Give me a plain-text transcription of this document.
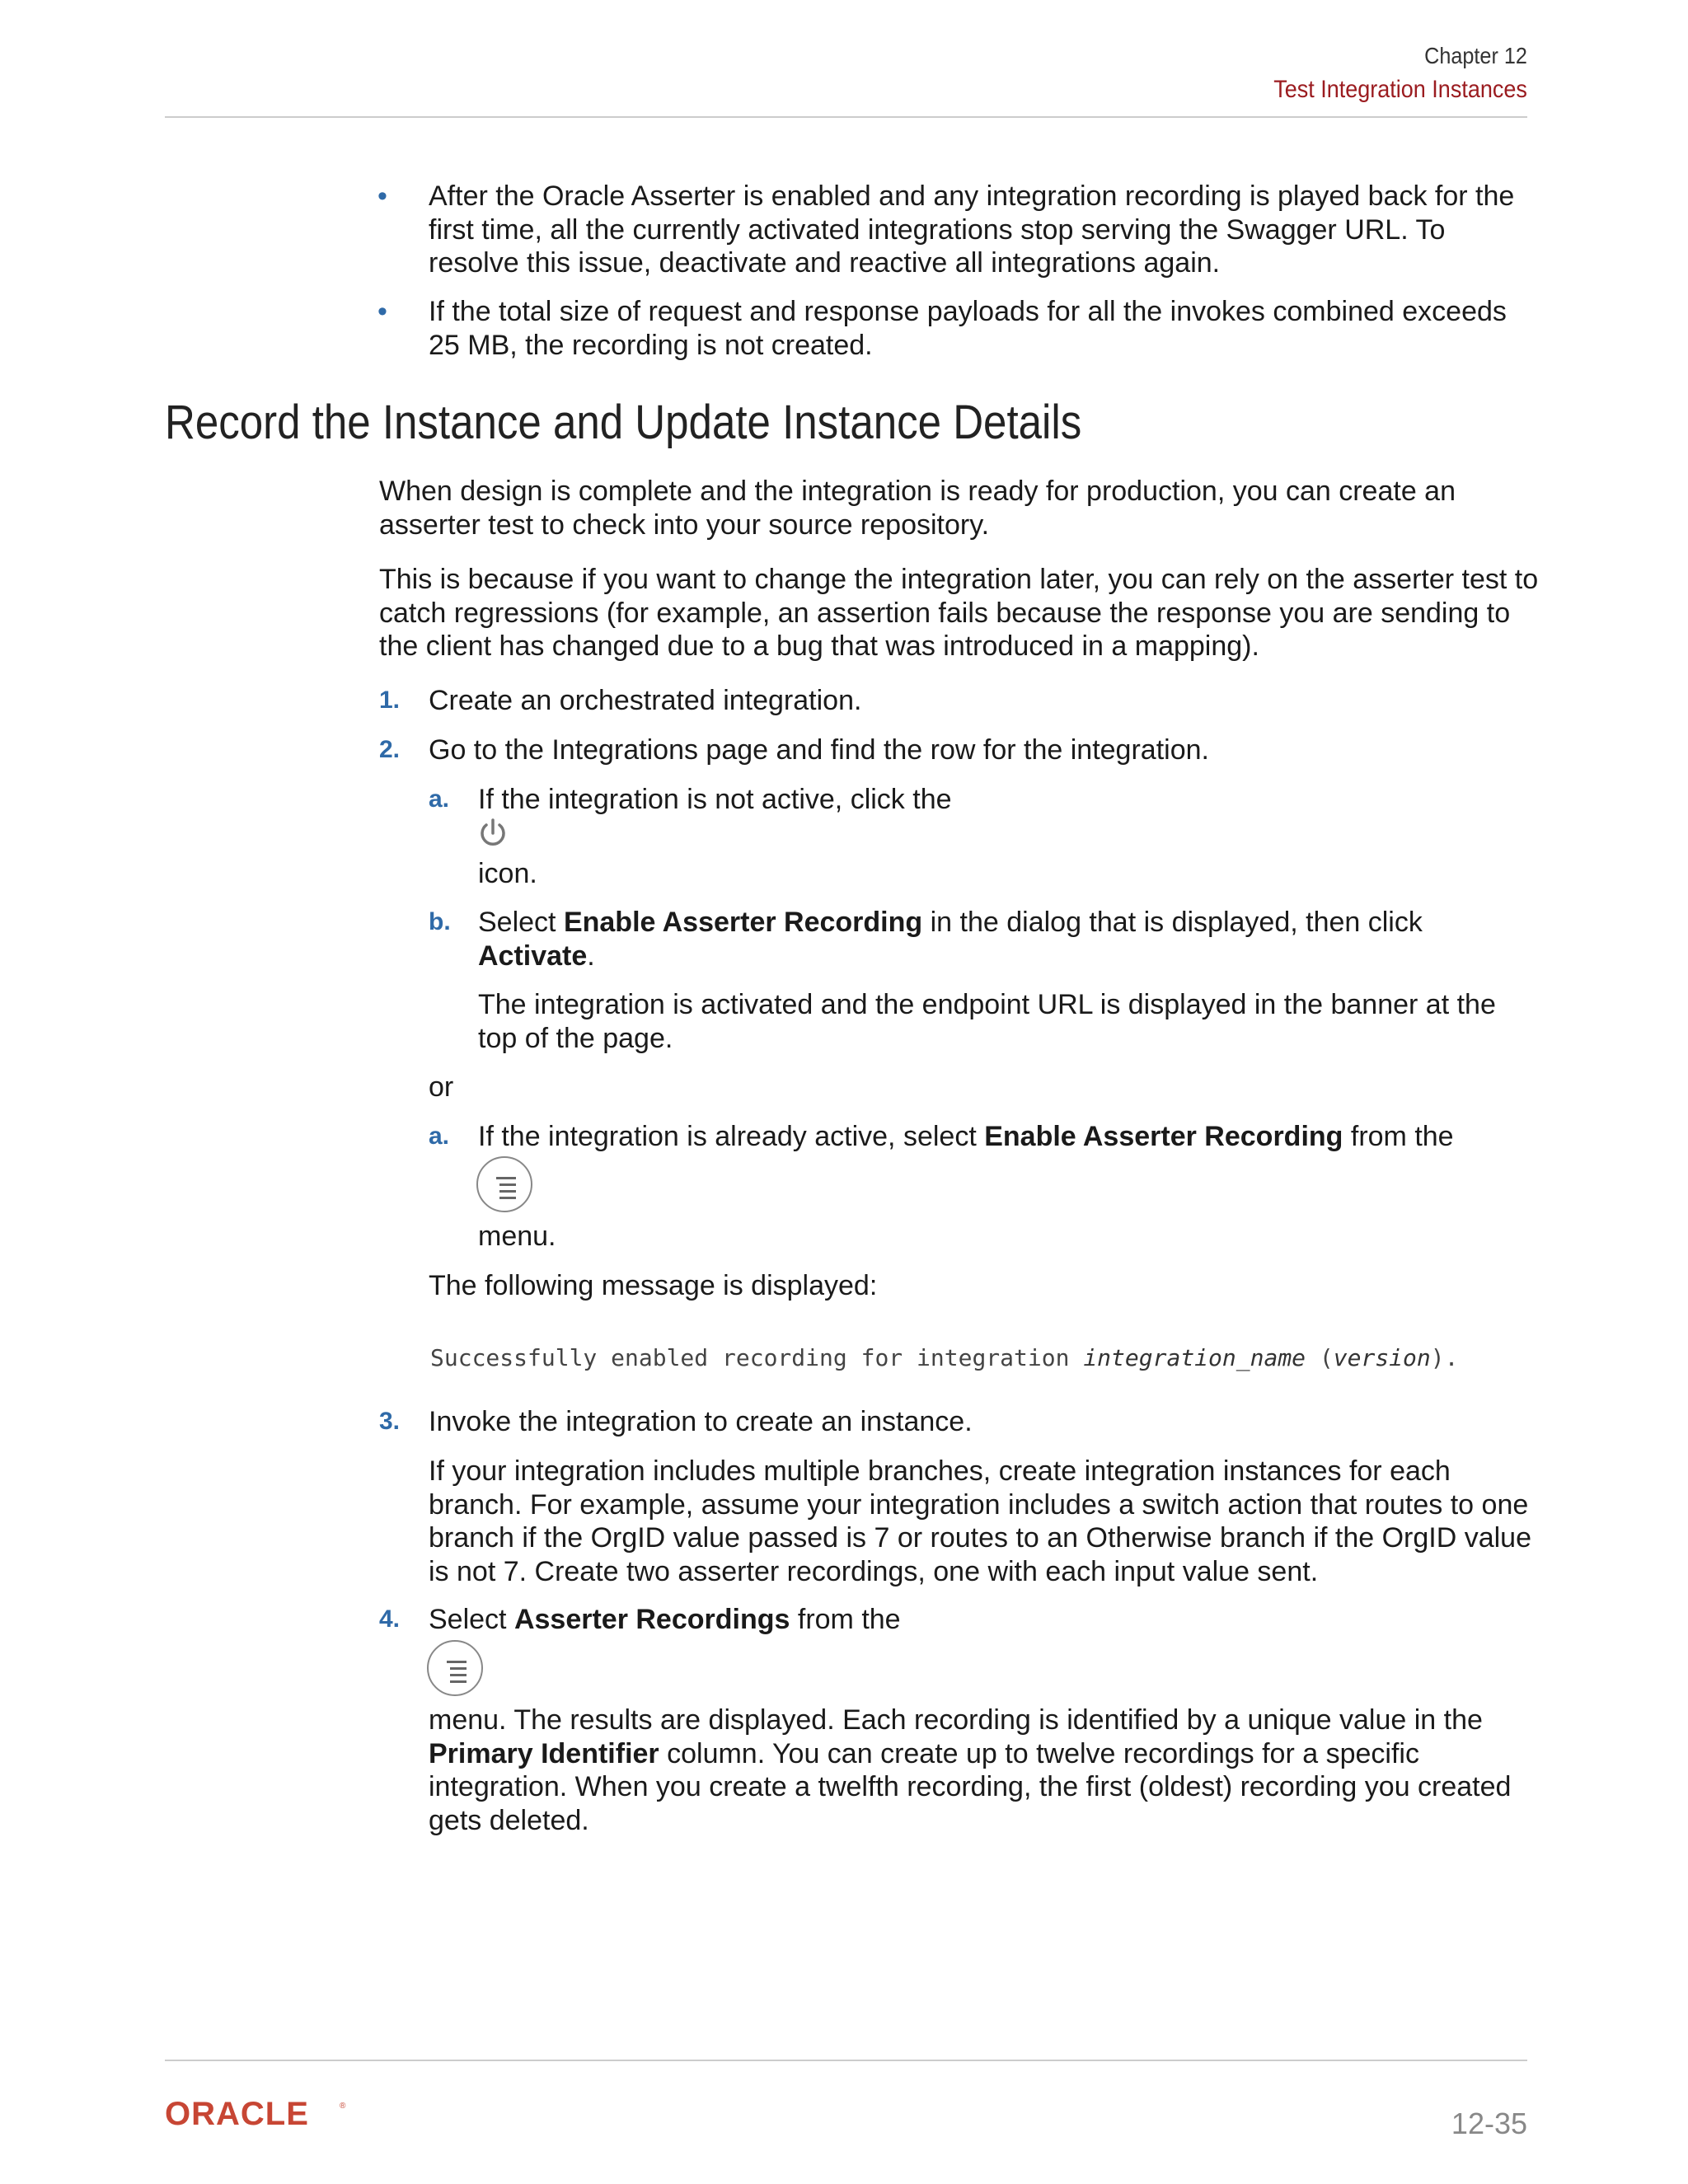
Chapter 12
Test Integration Instances
• After the Oracle Asserter is enabled and any integration recording is played back for the
first time, all the currently activated integrations stop serving the Swagger URL. To
resolve this issue, deactivate and reactive all integrations again.
• If the total size of request and response payloads for all the invokes combined exceeds
25 MB, the recording is not created.
Record the Instance and Update Instance Details
When design is complete and the integration is ready for production, you can create an
asserter test to check into your source repository.
This is because if you want to change the integration later, you can rely on the asserter test to
catch regressions (for example, an assertion fails because the response you are sending to
the client has changed due to a bug that was introduced in a mapping).
1. Create an orchestrated integration.
2. Go to the Integrations page and find the row for the integration.
a. If the integration is not active, click the
icon.
b. Select Enable Asserter Recording in the dialog that is displayed, then click
Activate.
The integration is activated and the endpoint URL is displayed in the banner at the
top of the page.
or
a. If the integration is already active, select Enable Asserter Recording from the
menu.
The following message is displayed:
Successfully enabled recording for integration integration_name (version).
3. Invoke the integration to create an instance.
If your integration includes multiple branches, create integration instances for each
branch. For example, assume your integration includes a switch action that routes to one
branch if the OrgID value passed is 7 or routes to an Otherwise branch if the OrgID value
is not 7. Create two asserter recordings, one with each input value sent.
4. Select Asserter Recordings from the
menu. The results are displayed. Each recording is identified by a unique value in the
Primary Identifier column. You can create up to twelve recordings for a specific
integration. When you create a twelfth recording, the first (oldest) recording you created
gets deleted.
ORACLE	®
12-35
